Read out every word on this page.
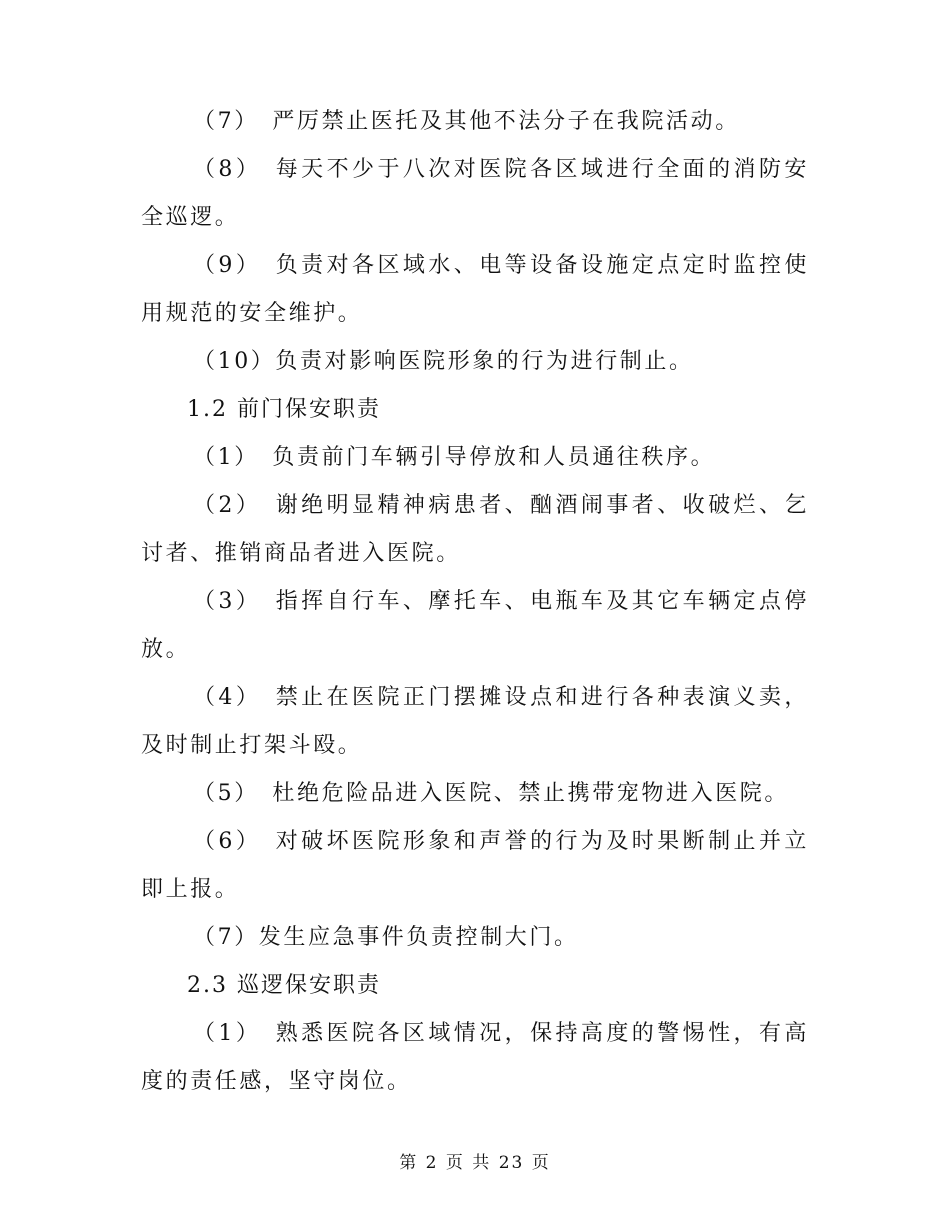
（7）　严厉禁止医托及其他不法分子在我院活动。

（8）　每天不少于八次对医院各区域进行全面的消防安全巡逻。

（9）　负责对各区域水、电等设备设施定点定时监控使用规范的安全维护。

（10）负责对影响医院形象的行为进行制止。

1.2 前门保安职责

（1）　负责前门车辆引导停放和人员通往秩序。

（2）　谢绝明显精神病患者、酗酒闹事者、收破烂、乞讨者、推销商品者进入医院。

（3）　指挥自行车、摩托车、电瓶车及其它车辆定点停放。

（4）　禁止在医院正门摆摊设点和进行各种表演义卖，及时制止打架斗殴。

（5）　杜绝危险品进入医院、禁止携带宠物进入医院。

（6）　对破坏医院形象和声誉的行为及时果断制止并立即上报。

（7）发生应急事件负责控制大门。

2.3 巡逻保安职责

（1）　熟悉医院各区域情况，保持高度的警惕性，有高度的责任感，坚守岗位。

第 2 页 共 23 页
